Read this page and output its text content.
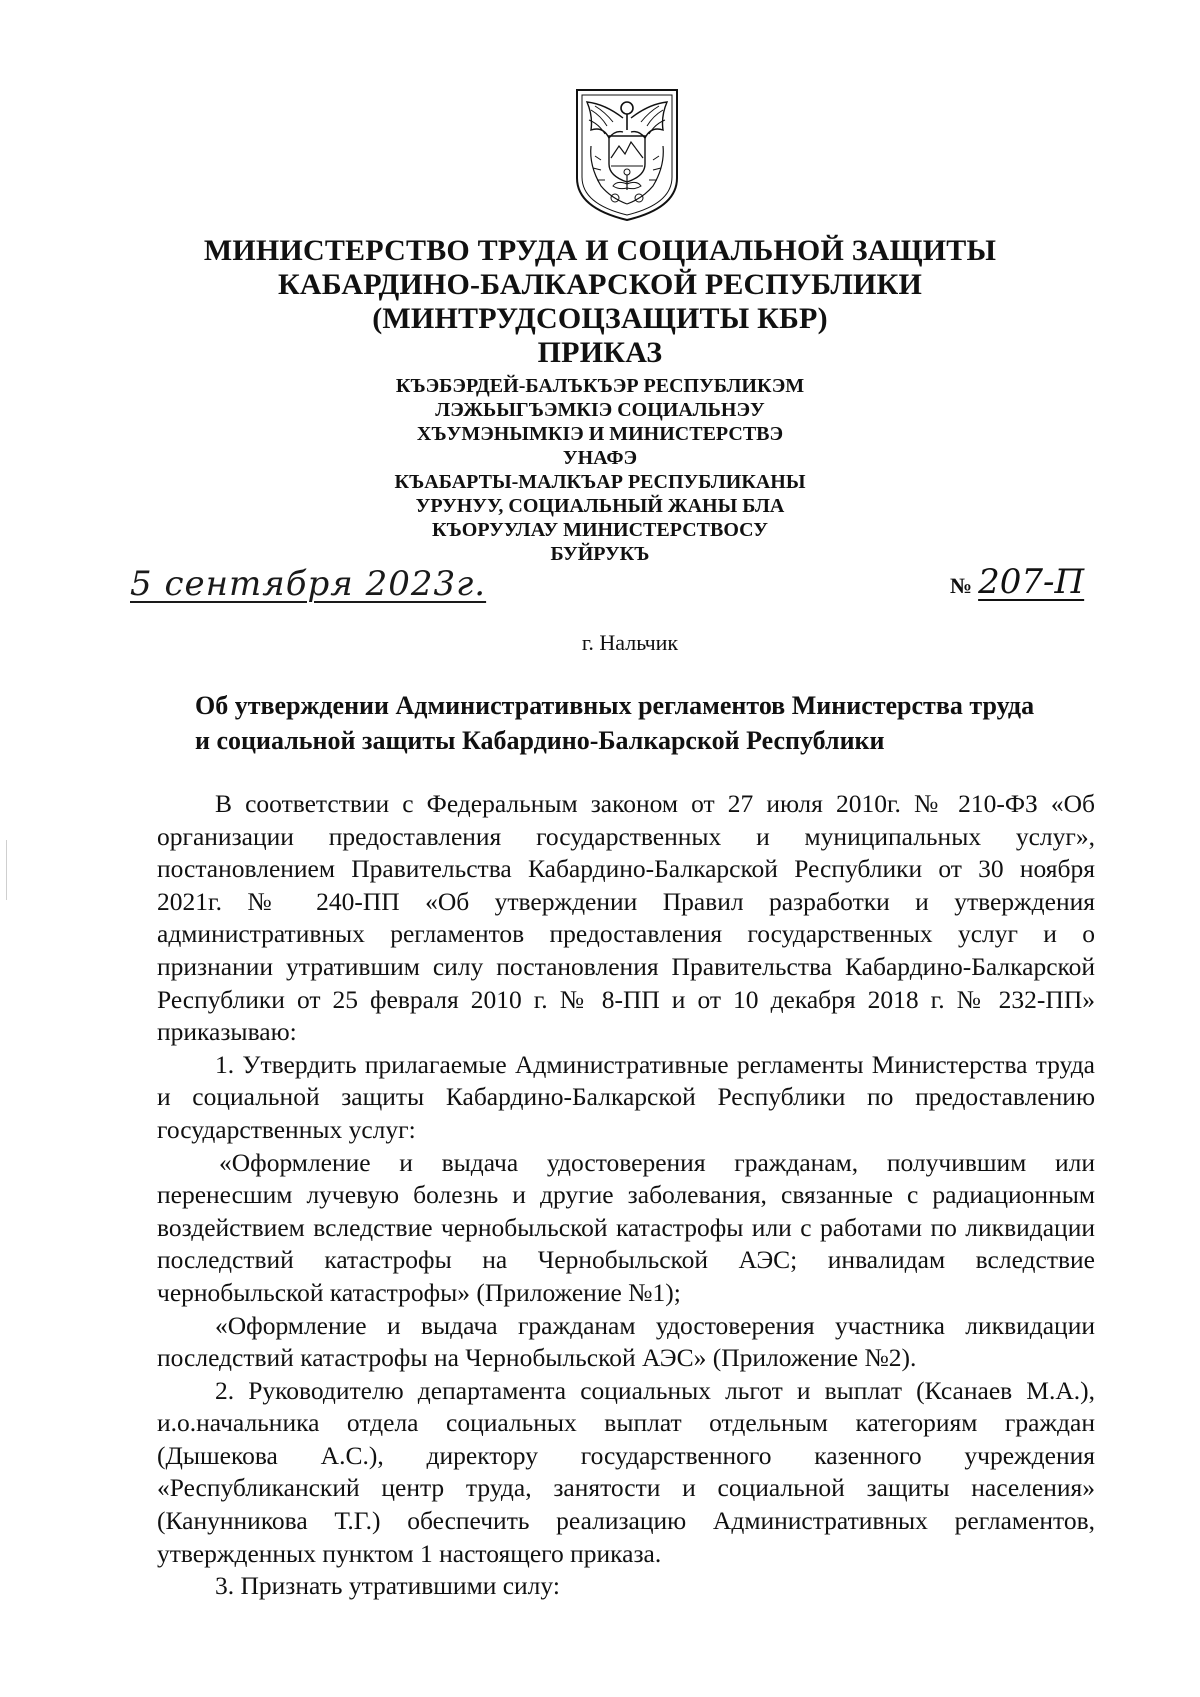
МИНИСТЕРСТВО ТРУДА И СОЦИАЛЬНОЙ ЗАЩИТЫ
КАБАРДИНО-БАЛКАРСКОЙ РЕСПУБЛИКИ
(МИНТРУДСОЦЗАЩИТЫ КБР)
ПРИКАЗ
КЪЭБЭРДЕЙ-БАЛЪКЪЭР РЕСПУБЛИКЭМ
ЛЭЖЬЫГЪЭМКIЭ СОЦИАЛЬНЭУ
ХЪУМЭНЫМКIЭ И МИНИСТЕРСТВЭ
УНАФЭ
КЪАБАРТЫ-МАЛКЪАР РЕСПУБЛИКАНЫ
УРУНУУ, СОЦИАЛЬНЫЙ ЖАНЫ БЛА
КЪОРУУЛАУ МИНИСТЕРСТВОСУ
БУЙРУКЪ
5 сентября 2023г.	№ 207-П
г. Нальчик
Об утверждении Административных регламентов Министерства труда
и социальной защиты Кабардино-Балкарской Республики

В соответствии с Федеральным законом от 27 июля 2010г. № 210-ФЗ «Об организации предоставления государственных и муниципальных услуг», постановлением Правительства Кабардино-Балкарской Республики от 30 ноября 2021г. № 240-ПП «Об утверждении Правил разработки и утверждения административных регламентов предоставления государственных услуг и о признании утратившим силу постановления Правительства Кабардино-Балкарской Республики от 25 февраля 2010 г. № 8-ПП и от 10 декабря 2018 г. № 232-ПП» приказываю:

1. Утвердить прилагаемые Административные регламенты Министерства труда и социальной защиты Кабардино-Балкарской Республики по предоставлению государственных услуг:

«Оформление и выдача удостоверения гражданам, получившим или перенесшим лучевую болезнь и другие заболевания, связанные с радиационным воздействием вследствие чернобыльской катастрофы или с работами по ликвидации последствий катастрофы на Чернобыльской АЭС; инвалидам вследствие чернобыльской катастрофы» (Приложение №1);

«Оформление и выдача гражданам удостоверения участника ликвидации последствий катастрофы на Чернобыльской АЭС» (Приложение №2).

2. Руководителю департамента социальных льгот и выплат (Ксанаев М.А.), и.о.начальника отдела социальных выплат отдельным категориям граждан (Дышекова А.С.), директору государственного казенного учреждения «Республиканский центр труда, занятости и социальной защиты населения» (Канунникова Т.Г.) обеспечить реализацию Административных регламентов, утвержденных пунктом 1 настоящего приказа.

3. Признать утратившими силу:
